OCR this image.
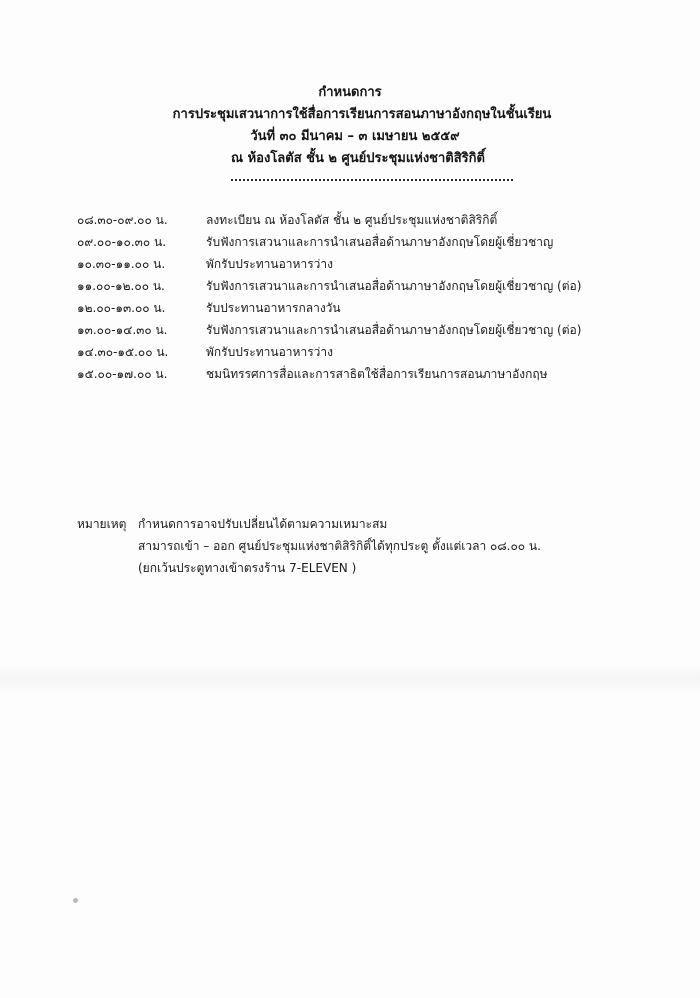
กำหนดการ
การประชุมเสวนาการใช้สื่อการเรียนการสอนภาษาอังกฤษในชั้นเรียน
วันที่ ๓๐ มีนาคม – ๓ เมษายน ๒๕๕๙
ณ ห้องโลตัส ชั้น ๒ ศูนย์ประชุมแห่งชาติสิริกิติ์
๐๘.๓๐-๐๙.๐๐ น.	ลงทะเบียน ณ ห้องโลตัส ชั้น ๒ ศูนย์ประชุมแห่งชาติสิริกิติ์
๐๙.๐๐-๑๐.๓๐ น.	รับฟังการเสวนาและการนำเสนอสื่อด้านภาษาอังกฤษโดยผู้เชี่ยวชาญ
๑๐.๓๐-๑๑.๐๐ น.	พักรับประทานอาหารว่าง
๑๑.๐๐-๑๒.๐๐ น.	รับฟังการเสวนาและการนำเสนอสื่อด้านภาษาอังกฤษโดยผู้เชี่ยวชาญ (ต่อ)
๑๒.๐๐-๑๓.๐๐ น.	รับประทานอาหารกลางวัน
๑๓.๐๐-๑๔.๓๐ น.	รับฟังการเสวนาและการนำเสนอสื่อด้านภาษาอังกฤษโดยผู้เชี่ยวชาญ (ต่อ)
๑๔.๓๐-๑๕.๐๐ น.	พักรับประทานอาหารว่าง
๑๕.๐๐-๑๗.๐๐ น.	ชมนิทรรศการสื่อและการสาธิตใช้สื่อการเรียนการสอนภาษาอังกฤษ
หมายเหตุ กำหนดการอาจปรับเปลี่ยนได้ตามความเหมาะสม
สามารถเข้า – ออก ศูนย์ประชุมแห่งชาติสิริกิติ์ได้ทุกประตู ตั้งแต่เวลา ๐๘.๐๐ น.
(ยกเว้นประตูทางเข้าตรงร้าน 7-ELEVEN )
